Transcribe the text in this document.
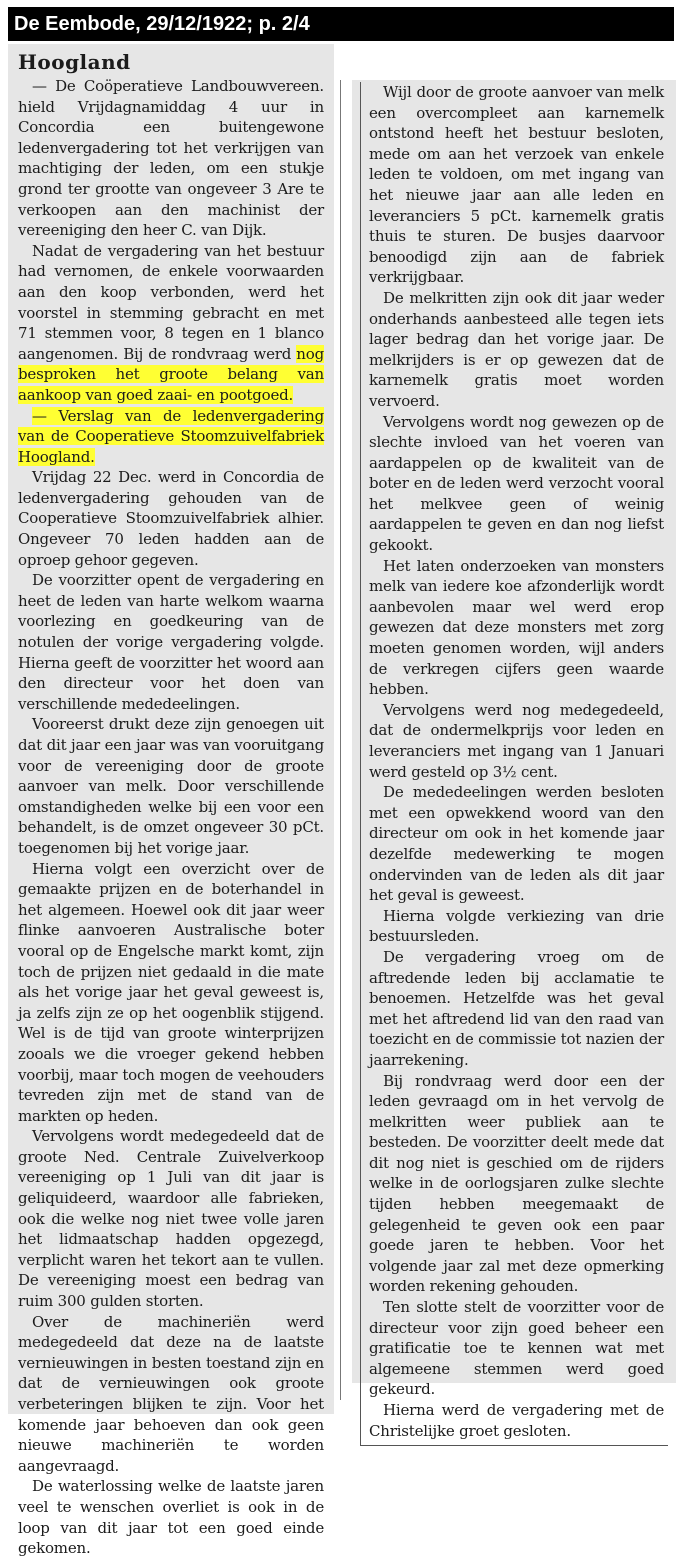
De Eembode, 29/12/1922; p. 2/4
Hoogland

— De Coöperatieve Landbouwvereen. hield Vrijdagnamiddag 4 uur in Concordia een buitengewone ledenvergadering tot het verkrijgen van machtiging der leden, om een stukje grond ter grootte van ongeveer 3 Are te verkoopen aan den machinist der vereeniging den heer C. van Dijk.

Nadat de vergadering van het bestuur had vernomen, de enkele voorwaarden aan den koop verbonden, werd het voorstel in stemming gebracht en met 71 stemmen voor, 8 tegen en 1 blanco aangenomen. Bij de rondvraag werd nog besproken het groote belang van aankoop van goed zaai- en pootgoed.

— Verslag van de ledenvergadering van de Cooperatieve Stoomzuivelfabriek Hoogland.

Vrijdag 22 Dec. werd in Concordia de ledenvergadering gehouden van de Cooperatieve Stoomzuivelfabriek alhier. Ongeveer 70 leden hadden aan de oproep gehoor gegeven.

De voorzitter opent de vergadering en heet de leden van harte welkom waarna voorlezing en goedkeuring van de notulen der vorige vergadering volgde. Hierna geeft de voorzitter het woord aan den directeur voor het doen van verschillende mededeelingen.

Vooreerst drukt deze zijn genoegen uit dat dit jaar een jaar was van vooruitgang voor de vereeniging door de groote aanvoer van melk. Door verschillende omstandigheden welke bij een voor een behandelt, is de omzet ongeveer 30 pCt. toegenomen bij het vorige jaar.

Hierna volgt een overzicht over de gemaakte prijzen en de boterhandel in het algemeen. Hoewel ook dit jaar weer flinke aanvoeren Australische boter vooral op de Engelsche markt komt, zijn toch de prijzen niet gedaald in die mate als het vorige jaar het geval geweest is, ja zelfs zijn ze op het oogenblik stijgend. Wel is de tijd van groote winterprijzen zooals we die vroeger gekend hebben voorbij, maar toch mogen de veehouders tevreden zijn met de stand van de markten op heden.

Vervolgens wordt medegedeeld dat de groote Ned. Centrale Zuivelverkoop vereeniging op 1 Juli van dit jaar is geliquideerd, waardoor alle fabrieken, ook die welke nog niet twee volle jaren het lidmaatschap hadden opgezegd, verplicht waren het tekort aan te vullen. De vereeniging moest een bedrag van ruim 300 gulden storten.

Over de machineriën werd medegedeeld dat deze na de laatste vernieuwingen in besten toestand zijn en dat de vernieuwingen ook groote verbeteringen blijken te zijn. Voor het komende jaar behoeven dan ook geen nieuwe machineriën te worden aangevraagd.

De waterlossing welke de laatste jaren veel te wenschen overliet is ook in de loop van dit jaar tot een goed einde gekomen.

Wijl door de groote aanvoer van melk een overcompleet aan karnemelk ontstond heeft het bestuur besloten, mede om aan het verzoek van enkele leden te voldoen, om met ingang van het nieuwe jaar aan alle leden en leveranciers 5 pCt. karnemelk gratis thuis te sturen. De busjes daarvoor benoodigd zijn aan de fabriek verkrijgbaar.

De melkritten zijn ook dit jaar weder onderhands aanbesteed alle tegen iets lager bedrag dan het vorige jaar. De melkrijders is er op gewezen dat de karnemelk gratis moet worden vervoerd.

Vervolgens wordt nog gewezen op de slechte invloed van het voeren van aardappelen op de kwaliteit van de boter en de leden werd verzocht vooral het melkvee geen of weinig aardappelen te geven en dan nog liefst gekookt.

Het laten onderzoeken van monsters melk van iedere koe afzonderlijk wordt aanbevolen maar wel werd erop gewezen dat deze monsters met zorg moeten genomen worden, wijl anders de verkregen cijfers geen waarde hebben.

Vervolgens werd nog medegedeeld, dat de ondermelkprijs voor leden en leveranciers met ingang van 1 Januari werd gesteld op 3½ cent.

De mededeelingen werden besloten met een opwekkend woord van den directeur om ook in het komende jaar dezelfde medewerking te mogen ondervinden van de leden als dit jaar het geval is geweest.

Hierna volgde verkiezing van drie bestuursleden.

De vergadering vroeg om de aftredende leden bij acclamatie te benoemen. Hetzelfde was het geval met het aftredend lid van den raad van toezicht en de commissie tot nazien der jaarrekening.

Bij rondvraag werd door een der leden gevraagd om in het vervolg de melkritten weer publiek aan te besteden. De voorzitter deelt mede dat dit nog niet is geschied om de rijders welke in de oorlogsjaren zulke slechte tijden hebben meegemaakt de gelegenheid te geven ook een paar goede jaren te hebben. Voor het volgende jaar zal met deze opmerking worden rekening gehouden.

Ten slotte stelt de voorzitter voor de directeur voor zijn goed beheer een gratificatie toe te kennen wat met algemeene stemmen werd goed gekeurd.

Hierna werd de vergadering met de Christelijke groet gesloten.
